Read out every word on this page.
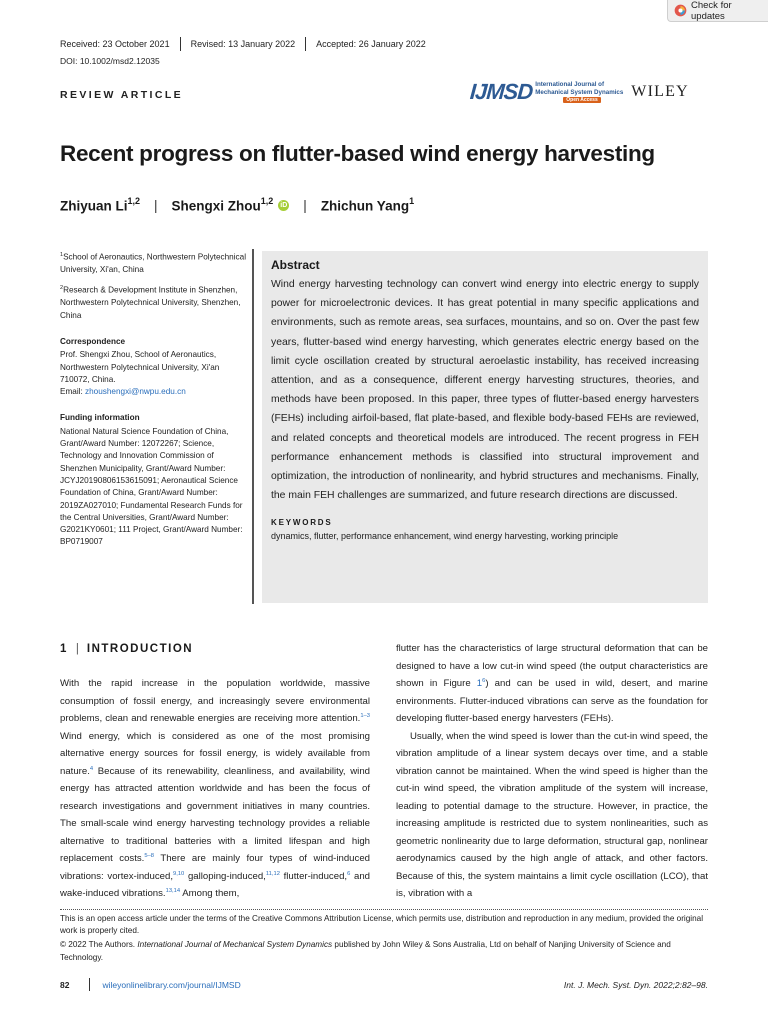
Check for updates
Received: 23 October 2021 Revised: 13 January 2022 Accepted: 26 January 2022
DOI: 10.1002/msd2.12035
REVIEW ARTICLE	IJMSD International Journal of
Mechanical System Dynamics
Open Access WILEY
Recent progress on flutter-based wind energy harvesting
Zhiyuan Li$^{1,2}$ | Shengxi Zhou$^{1,2}$ iD | Zhichun Yang$^1$

$^1$School of Aeronautics, Northwestern Polytechnical University, Xi'an, China

$^2$Research & Development Institute in Shenzhen, Northwestern Polytechnical University, Shenzhen, China

Correspondence
Prof. Shengxi Zhou, School of Aeronautics, Northwestern Polytechnical University, Xi'an 710072, China.
Email: zhoushengxi@nwpu.edu.cn
Funding information
National Natural Science Foundation of China, Grant/Award Number: 12072267; Science, Technology and Innovation Commission of Shenzhen Municipality, Grant/Award Number: JCYJ20190806153615091; Aeronautical Science Foundation of China, Grant/Award Number: 2019ZA027010; Fundamental Research Funds for the Central Universities, Grant/Award Number: G2021KY0601; 111 Project, Grant/Award Number: BP0719007
Abstract
Wind energy harvesting technology can convert wind energy into electric energy to supply power for microelectronic devices. It has great potential in many specific applications and environments, such as remote areas, sea surfaces, mountains, and so on. Over the past few years, flutter-based wind energy harvesting, which generates electric energy based on the limit cycle oscillation created by structural aeroelastic instability, has received increasing attention, and as a consequence, different energy harvesting structures, theories, and methods have been proposed. In this paper, three types of flutter-based energy harvesters (FEHs) including airfoil-based, flat plate-based, and flexible body-based FEHs are reviewed, and related concepts and theoretical models are introduced. The recent progress in FEH performance enhancement methods is classified into structural improvement and optimization, the introduction of nonlinearity, and hybrid structures and mechanisms. Finally, the main FEH challenges are summarized, and future research directions are discussed.
KEYWORDS
dynamics, flutter, performance enhancement, wind energy harvesting, working principle
1 | INTRODUCTION

With the rapid increase in the population worldwide, massive consumption of fossil energy, and increasingly severe environmental problems, clean and renewable energies are receiving more attention.$^{1-3}$ Wind energy, which is considered as one of the most promising alternative energy sources for fossil energy, is widely available from nature.$^4$ Because of its renewability, cleanliness, and availability, wind energy has attracted attention worldwide and has been the focus of research investigations and government initiatives in many countries. The small-scale wind energy harvesting technology provides a reliable alternative to traditional batteries with a limited lifespan and high replacement costs.$^{5-8}$ There are mainly four types of wind-induced vibrations: vortex-induced,$^{9,10}$ galloping-induced,$^{11,12}$ flutter-induced,$^6$ and wake-induced vibrations.$^{13,14}$ Among them,

flutter has the characteristics of large structural deformation that can be designed to have a low cut-in wind speed (the output characteristics are shown in Figure $1^6$) and can be used in wild, desert, and marine environments. Flutter-induced vibrations can serve as the foundation for developing flutter-based energy harvesters (FEHs).

Usually, when the wind speed is lower than the cut-in wind speed, the vibration amplitude of a linear system decays over time, and a stable vibration cannot be maintained. When the wind speed is higher than the cut-in wind speed, the vibration amplitude of the system will increase, leading to potential damage to the structure. However, in practice, the increasing amplitude is restricted due to system nonlinearities, such as geometric nonlinearity due to large deformation, structural gap, nonlinear aerodynamics caused by the high angle of attack, and other factors. Because of this, the system maintains a limit cycle oscillation (LCO), that is, vibration with a

This is an open access article under the terms of the Creative Commons Attribution License, which permits use, distribution and reproduction in any medium, provided the original work is properly cited.

© 2022 The Authors. International Journal of Mechanical System Dynamics published by John Wiley & Sons Australia, Ltd on behalf of Nanjing University of Science and Technology.

82	wileyonlinelibrary.com/journal/IJMSD	Int. J. Mech. Syst. Dyn. 2022;2:82–98.
